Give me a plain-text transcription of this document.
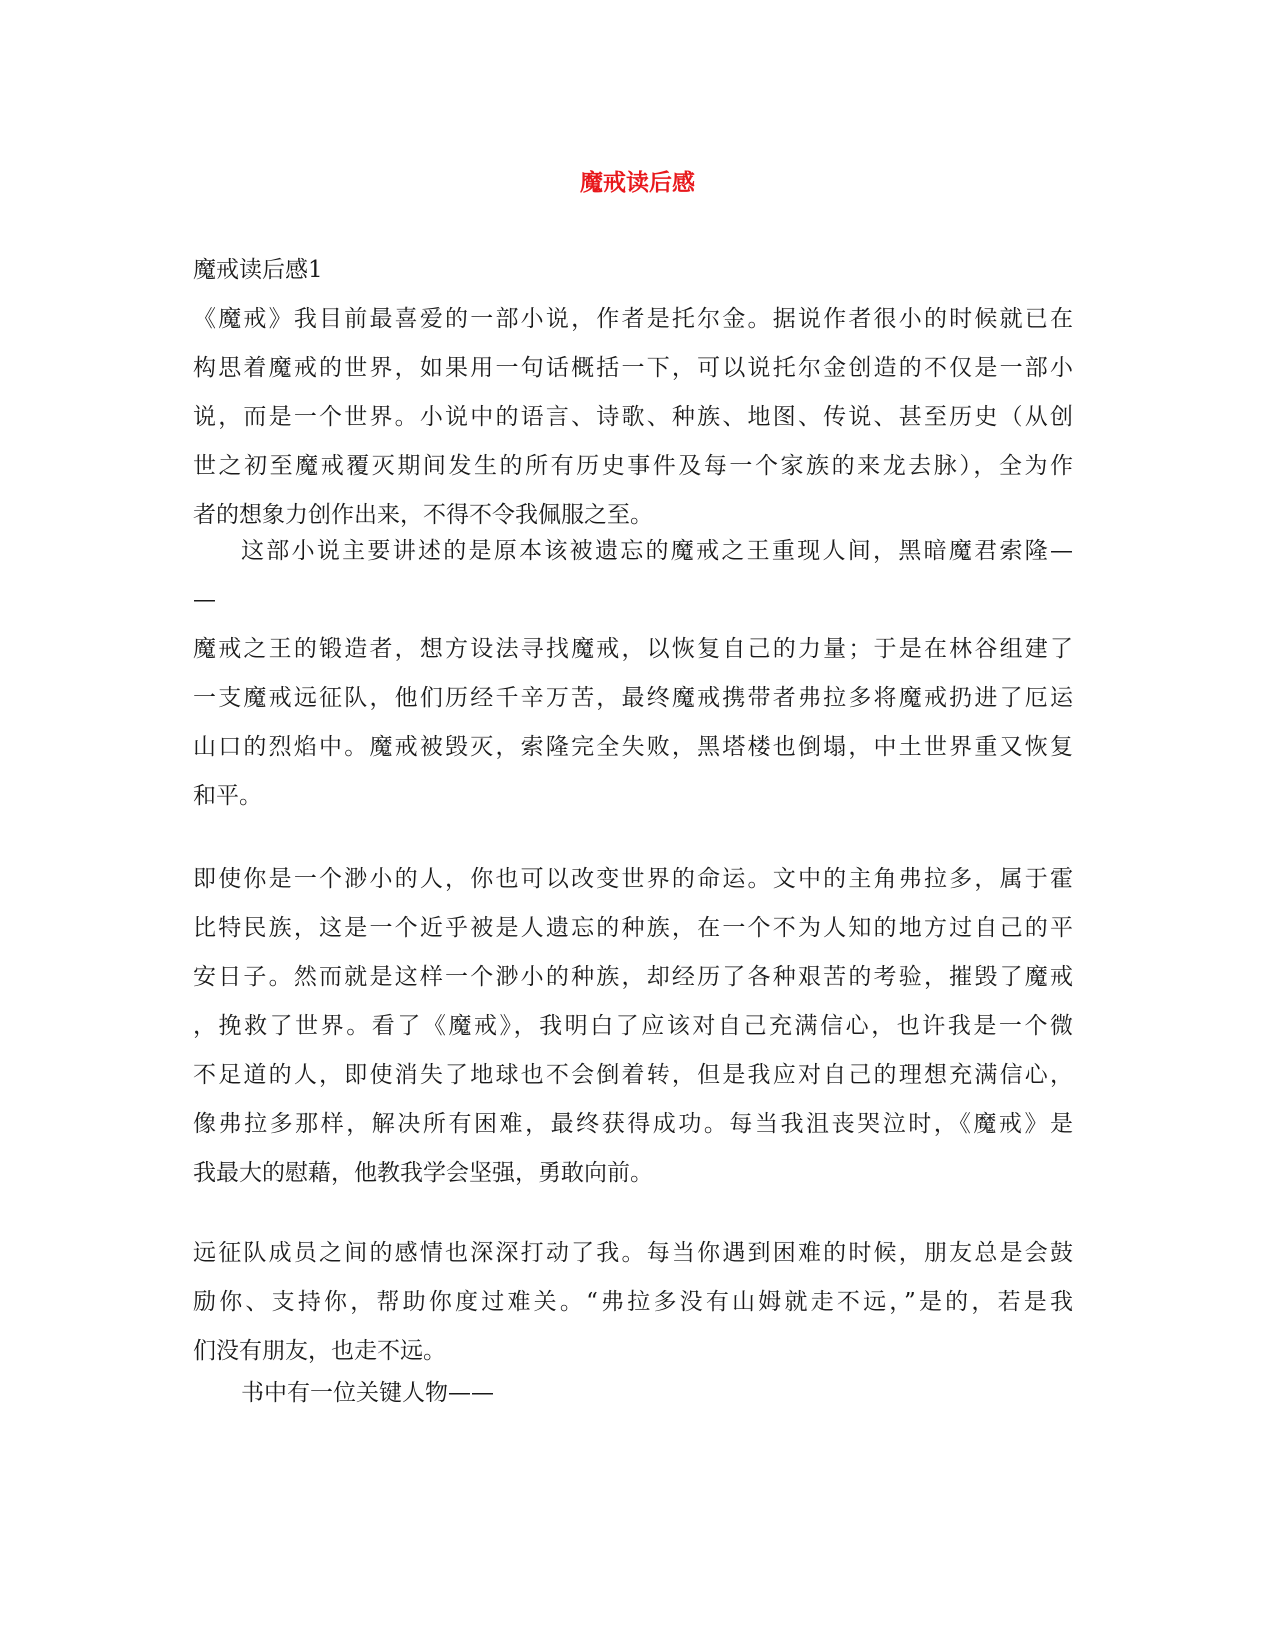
魔戒读后感
魔戒读后感1
《魔戒》我目前最喜爱的一部小说，作者是托尔金。据说作者很小的时候就已在
构思着魔戒的世界，如果用一句话概括一下，可以说托尔金创造的不仅是一部小
说，而是一个世界。小说中的语言、诗歌、种族、地图、传说、甚至历史（从创
世之初至魔戒覆灭期间发生的所有历史事件及每一个家族的来龙去脉），全为作
者的想象力创作出来，不得不令我佩服之至。
这部小说主要讲述的是原本该被遗忘的魔戒之王重现人间，黑暗魔君索隆—
—
魔戒之王的锻造者，想方设法寻找魔戒，以恢复自己的力量；于是在林谷组建了
一支魔戒远征队，他们历经千辛万苦，最终魔戒携带者弗拉多将魔戒扔进了厄运
山口的烈焰中。魔戒被毁灭，索隆完全失败，黑塔楼也倒塌，中土世界重又恢复
和平。
即使你是一个渺小的人，你也可以改变世界的命运。文中的主角弗拉多，属于霍
比特民族，这是一个近乎被是人遗忘的种族，在一个不为人知的地方过自己的平
安日子。然而就是这样一个渺小的种族，却经历了各种艰苦的考验，摧毁了魔戒
，挽救了世界。看了《魔戒》，我明白了应该对自己充满信心，也许我是一个微
不足道的人，即使消失了地球也不会倒着转，但是我应对自己的理想充满信心，
像弗拉多那样，解决所有困难，最终获得成功。每当我沮丧哭泣时，《魔戒》是
我最大的慰藉，他教我学会坚强，勇敢向前。
远征队成员之间的感情也深深打动了我。每当你遇到困难的时候，朋友总是会鼓
励你、支持你，帮助你度过难关。“弗拉多没有山姆就走不远，”是的，若是我
们没有朋友，也走不远。
书中有一位关键人物——
